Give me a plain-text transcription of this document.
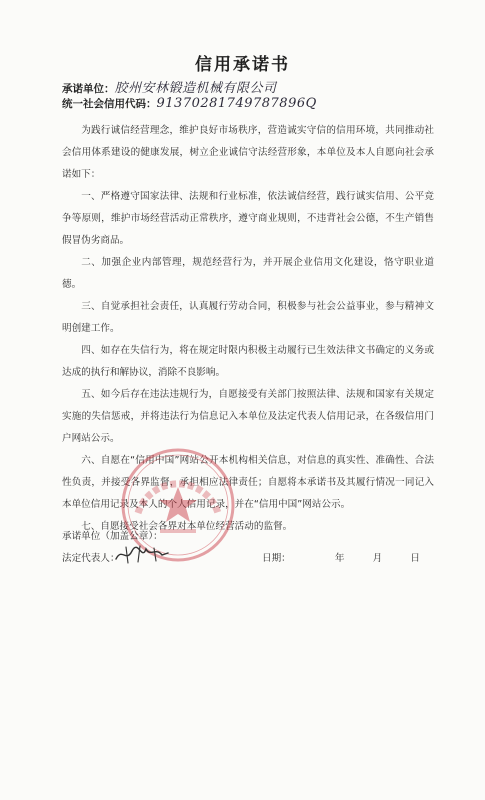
信用承诺书
承诺单位：胶州安林锻造机械有限公司
统一社会信用代码：91370281749787896Q

为践行诚信经营理念，维护良好市场秩序，营造诚实守信的信用环境，共同推动社会信用体系建设的健康发展，树立企业诚信守法经营形象，本单位及本人自愿向社会承诺如下：

一、严格遵守国家法律、法规和行业标准，依法诚信经营，践行诚实信用、公平竞争等原则，维护市场经营活动正常秩序，遵守商业规则，不违背社会公德，不生产销售假冒伪劣商品。

二、加强企业内部管理，规范经营行为，并开展企业信用文化建设，恪守职业道德。

三、自觉承担社会责任，认真履行劳动合同，积极参与社会公益事业，参与精神文明创建工作。

四、如存在失信行为，将在规定时限内积极主动履行已生效法律文书确定的义务或达成的执行和解协议，消除不良影响。

五、如今后存在违法违规行为，自愿接受有关部门按照法律、法规和国家有关规定实施的失信惩戒，并将违法行为信息记入本单位及法定代表人信用记录，在各级信用门户网站公示。

六、自愿在“信用中国”网站公开本机构相关信息，对信息的真实性、准确性、合法性负责，并接受各界监督，承担相应法律责任；自愿将本承诺书及其履行情况一同记入本单位信用记录及本人的个人信用记录，并在“信用中国”网站公示。

七、自愿接受社会各界对本单位经营活动的监督。

承诺单位（加盖公章）：
法定代表人：	日期：	年	月	日
